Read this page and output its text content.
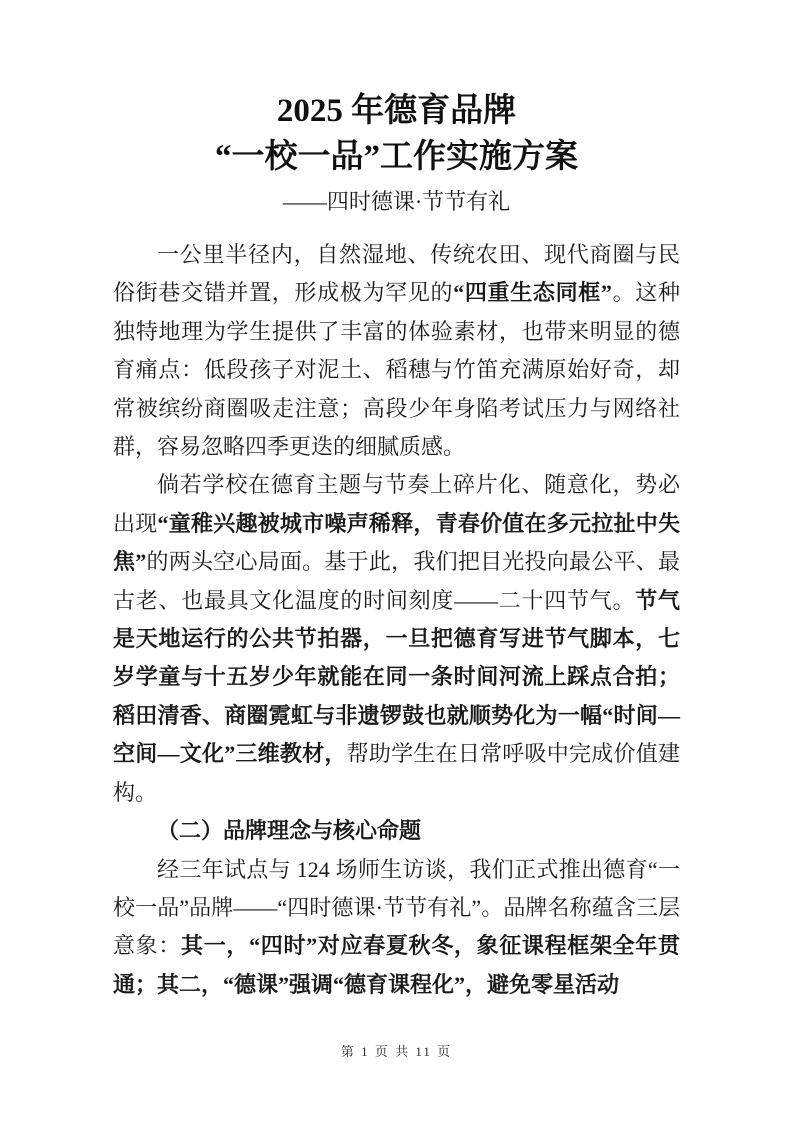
2025 年德育品牌
“一校一品”工作实施方案
——四时德课·节节有礼

一公里半径内，自然湿地、传统农田、现代商圈与民俗街巷交错并置，形成极为罕见的“四重生态同框”。这种独特地理为学生提供了丰富的体验素材，也带来明显的德育痛点：低段孩子对泥土、稻穗与竹笛充满原始好奇，却常被缤纷商圈吸走注意；高段少年身陷考试压力与网络社群，容易忽略四季更迭的细腻质感。

倘若学校在德育主题与节奏上碎片化、随意化，势必出现“童稚兴趣被城市噪声稀释，青春价值在多元拉扯中失焦”的两头空心局面。基于此，我们把目光投向最公平、最古老、也最具文化温度的时间刻度——二十四节气。节气是天地运行的公共节拍器，一旦把德育写进节气脚本，七岁学童与十五岁少年就能在同一条时间河流上踩点合拍；稻田清香、商圈霓虹与非遗锣鼓也就顺势化为一幅“时间—空间—文化”三维教材，帮助学生在日常呼吸中完成价值建构。

（二）品牌理念与核心命题

经三年试点与 124 场师生访谈，我们正式推出德育“一校一品”品牌——“四时德课·节节有礼”。品牌名称蕴含三层意象：其一，“四时”对应春夏秋冬，象征课程框架全年贯通；其二，“德课”强调“德育课程化”，避免零星活动

第 1 页 共 11 页
